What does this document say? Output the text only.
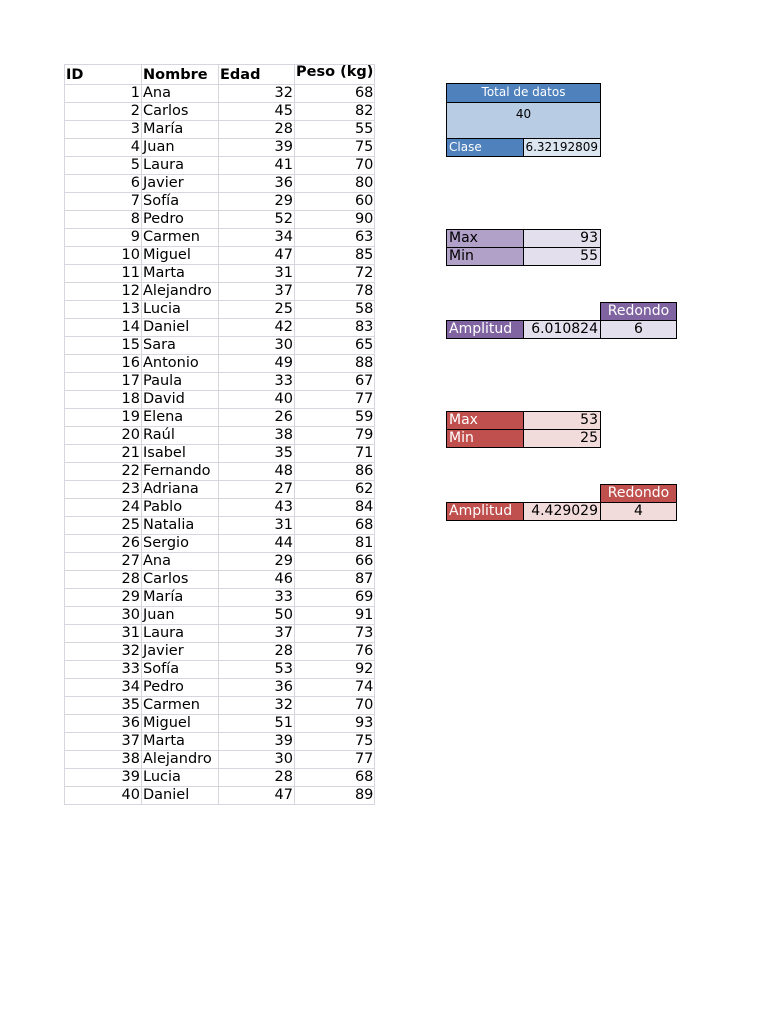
ID	Nombre	Edad	Peso (kg)
1	Ana	32	68
2	Carlos	45	82
3	María	28	55
4	Juan	39	75
5	Laura	41	70
6	Javier	36	80
7	Sofía	29	60
8	Pedro	52	90
9	Carmen	34	63
10	Miguel	47	85
11	Marta	31	72
12	Alejandro	37	78
13	Lucia	25	58
14	Daniel	42	83
15	Sara	30	65
16	Antonio	49	88
17	Paula	33	67
18	David	40	77
19	Elena	26	59
20	Raúl	38	79
21	Isabel	35	71
22	Fernando	48	86
23	Adriana	27	62
24	Pablo	43	84
25	Natalia	31	68
26	Sergio	44	81
27	Ana	29	66
28	Carlos	46	87
29	María	33	69
30	Juan	50	91
31	Laura	37	73
32	Javier	28	76
33	Sofía	53	92
34	Pedro	36	74
35	Carmen	32	70
36	Miguel	51	93
37	Marta	39	75
38	Alejandro	30	77
39	Lucia	28	68
40	Daniel	47	89
Total de datos
40
Clase	6.32192809
Max	93
Min	55
Redondo
Amplitud	6.010824	6
Max	53
Min	25
Redondo
Amplitud	4.429029	4
